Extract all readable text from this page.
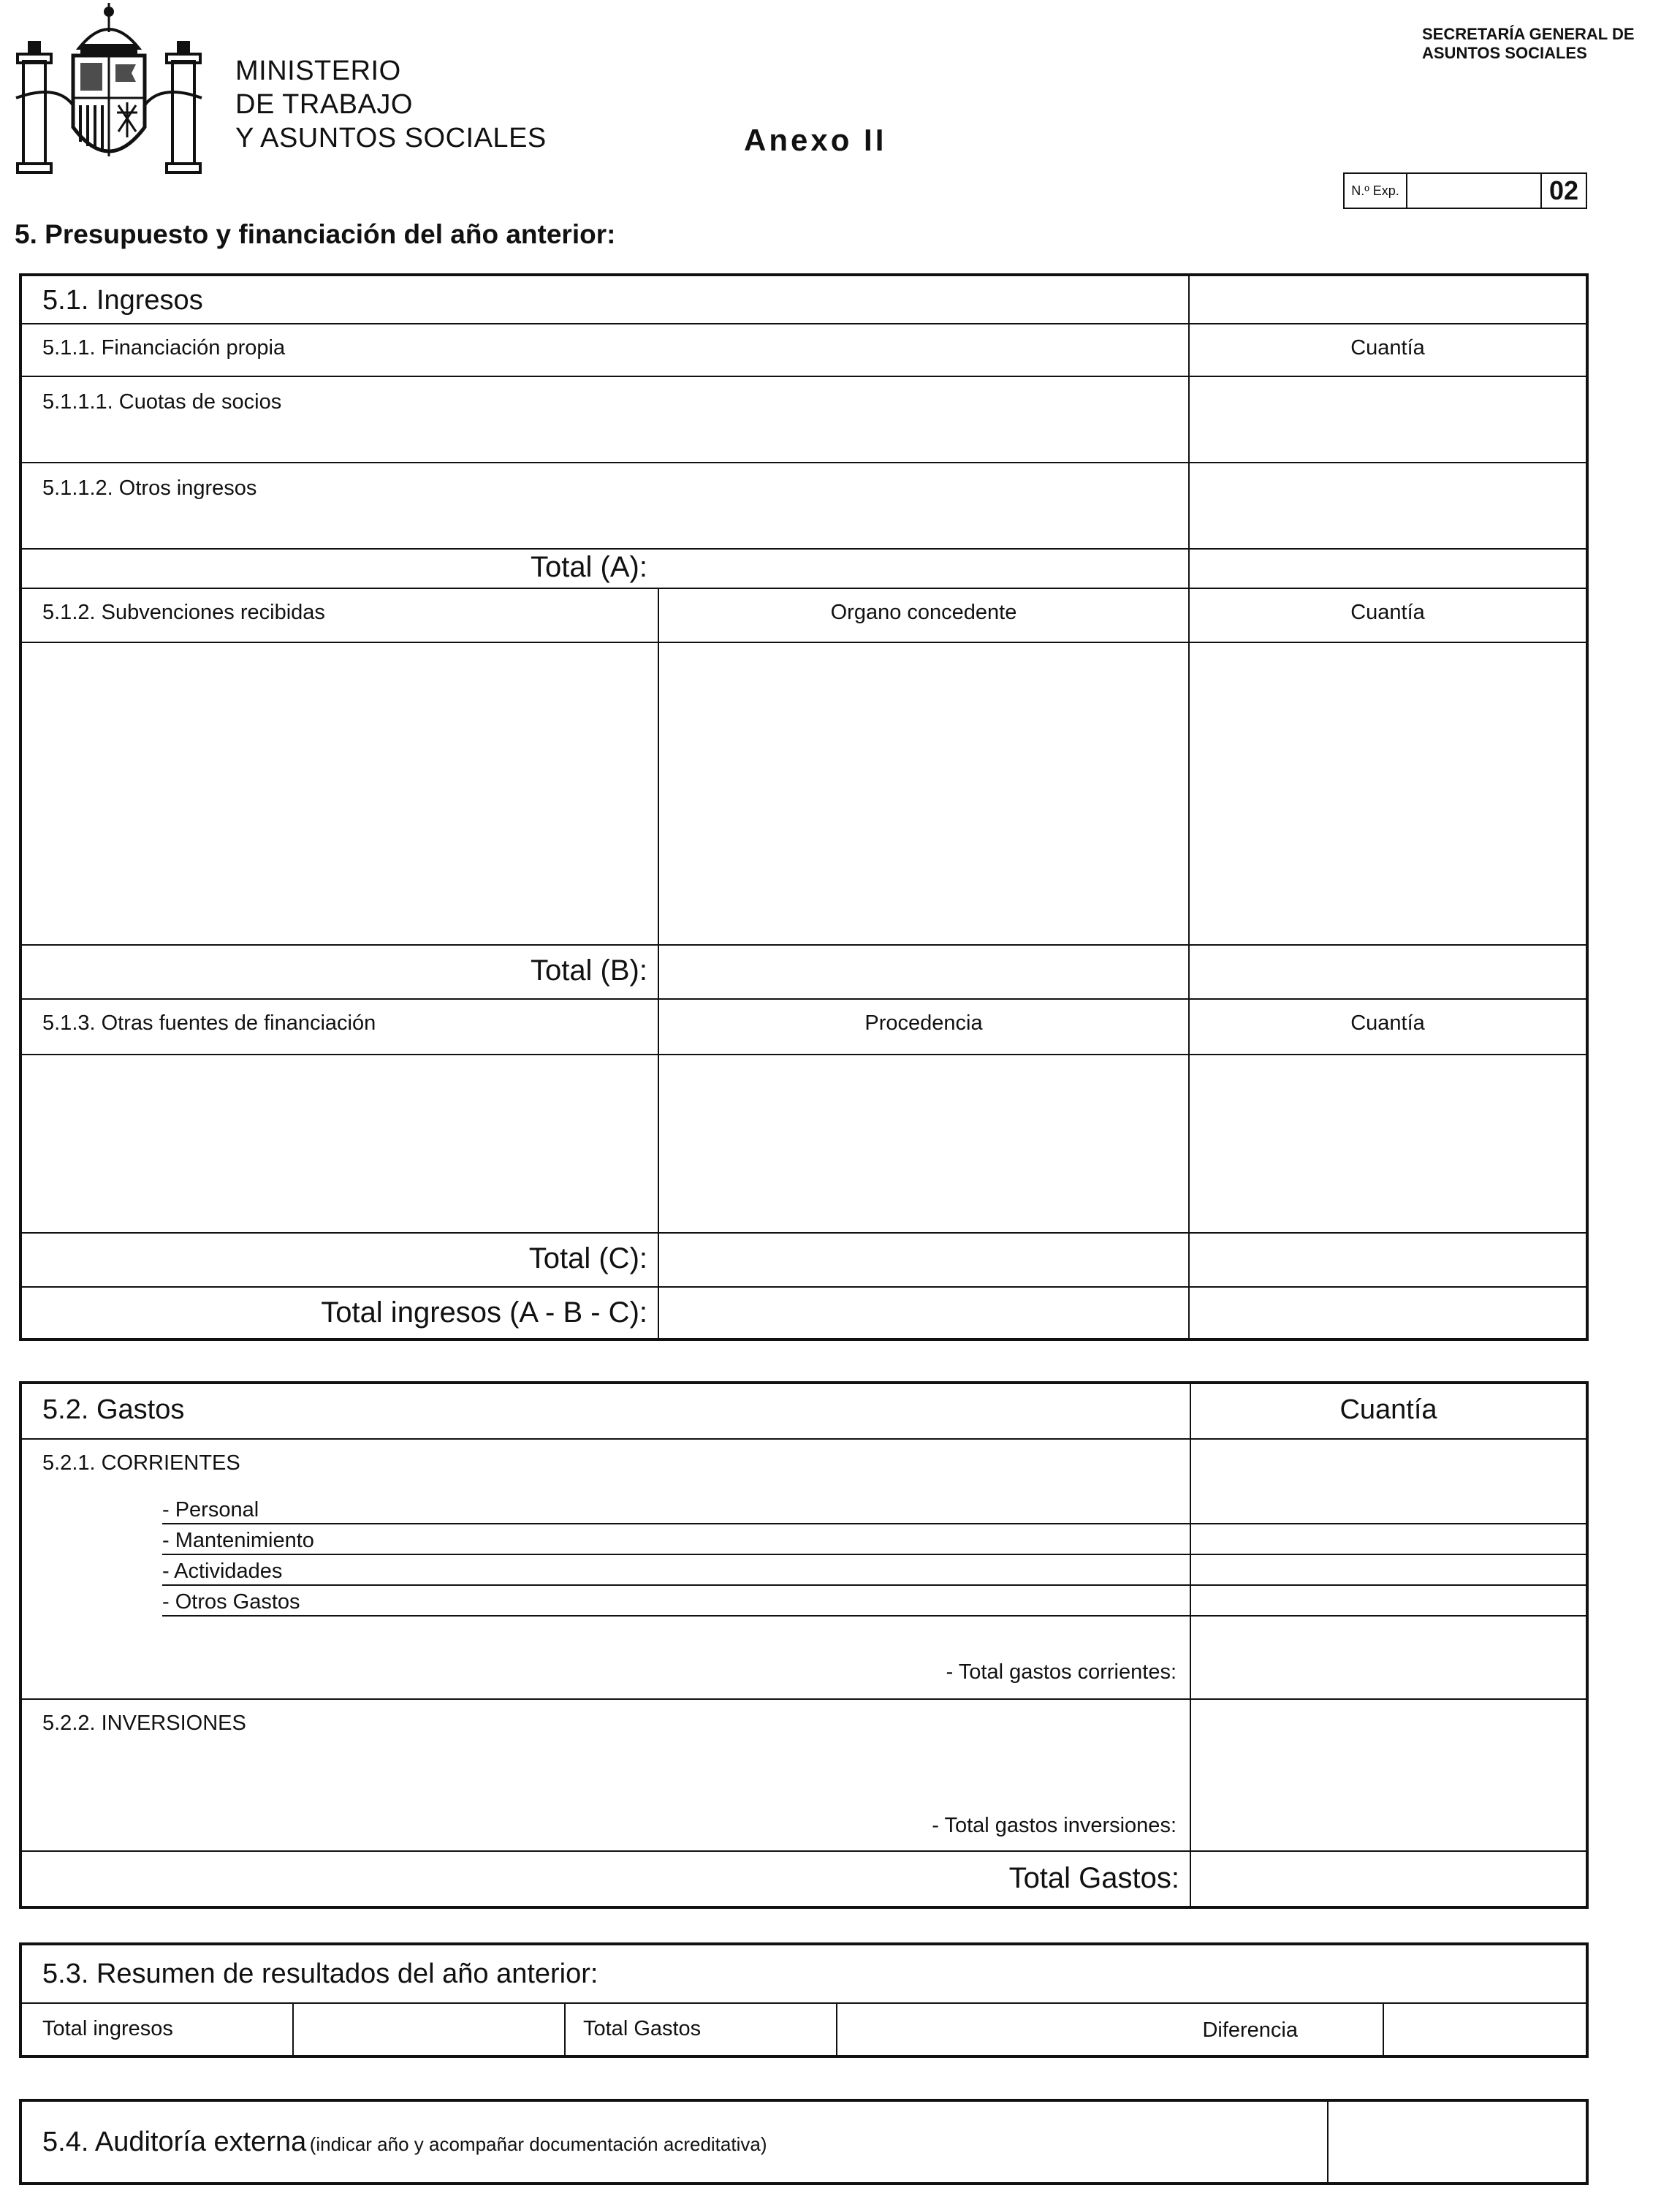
MINISTERIO
DE TRABAJO
Y ASUNTOS SOCIALES
SECRETARÍA GENERAL DE
ASUNTOS SOCIALES
Anexo II
N.º Exp.	02
5. Presupuesto y financiación del año anterior:
5.1. Ingresos
5.1.1. Financiación propia	Cuantía
5.1.1.1. Cuotas de socios
5.1.1.2. Otros ingresos
Total (A):
5.1.2. Subvenciones recibidas	Organo concedente	Cuantía
Total (B):
5.1.3. Otras fuentes de financiación	Procedencia	Cuantía
Total (C):
Total ingresos (A - B - C):
5.2. Gastos	Cuantía
5.2.1. CORRIENTES
- Personal
- Mantenimiento
- Actividades
- Otros Gastos
- Total gastos corrientes:
5.2.2. INVERSIONES
- Total gastos inversiones:
Total Gastos:
5.3. Resumen de resultados del año anterior:
Total ingresos	Total Gastos	Diferencia
5.4. Auditoría externa (indicar año y acompañar documentación acreditativa)
